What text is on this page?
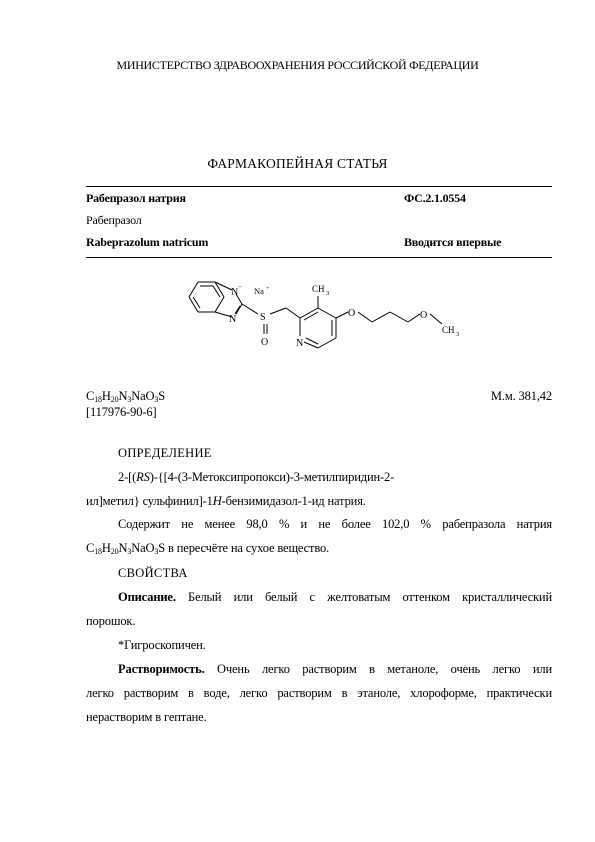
МИНИСТЕРСТВО ЗДРАВООХРАНЕНИЯ РОССИЙСКОЙ ФЕДЕРАЦИИ
ФАРМАКОПЕЙНАЯ СТАТЬЯ
Рабепразол натрия	ФС.2.1.0554
Рабепразол
Rabeprazolum natricum	Вводится впервые
N − Na +
N S
O
CH 3
N
O	O
CH 3
$C_{18}H_{20}N_3NaO_3S$
[117976-90-6]
М.м. 381,42
ОПРЕДЕЛЕНИЕ
2-[(RS)-{[4-(3-Метоксипропокси)-3-метилпиридин-2-
ил]метил} сульфинил]-1H-бензимидазол-1-ид натрия.
Содержит не менее 98,0 % и не более 102,0 % рабепразола натрия
$C_{18}H_{20}N_3NaO_3S$ в пересчёте на сухое вещество.
СВОЙСТВА
Описание. Белый или белый с желтоватым оттенком кристаллический
порошок.
*Гигроскопичен.
Растворимость. Очень легко растворим в метаноле, очень легко или
легко растворим в воде, легко растворим в этаноле, хлороформе, практически
нерастворим в гептане.
